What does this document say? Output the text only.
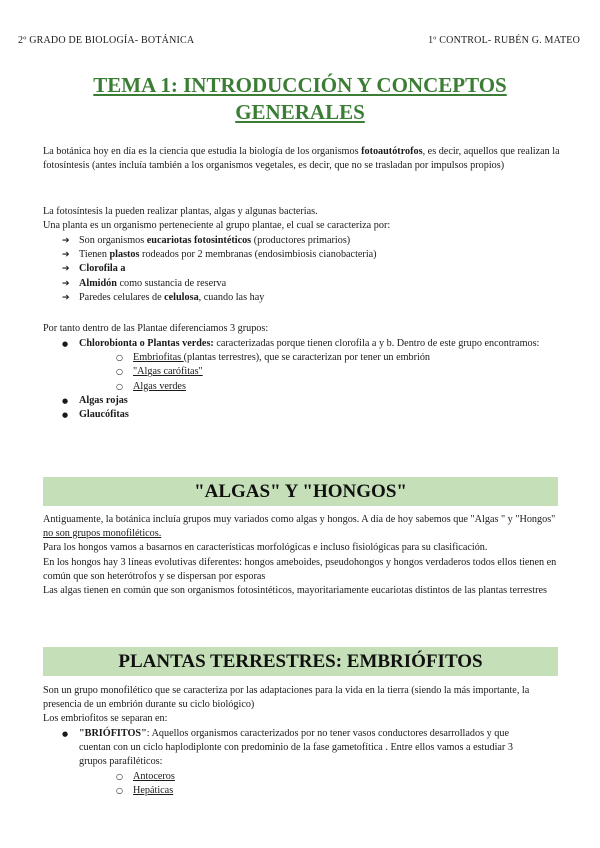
2º GRADO DE BIOLOGÍA- BOTÁNICA	1º CONTROL- RUBÉN G. MATEO
TEMA 1: INTRODUCCIÓN Y CONCEPTOS
GENERALES

La botánica hoy en día es la ciencia que estudia la biología de los organismos fotoautótrofos, es decir, aquellos que realizan la fotosíntesis (antes incluía también a los organismos vegetales, es decir, que no se trasladan por impulsos propios)

La fotosíntesis la pueden realizar plantas, algas y algunas bacterias.

Una planta es un organismo perteneciente al grupo plantae, el cual se caracteriza por:

➔ Son organismos eucariotas fotosintéticos (productores primarios)
➔ Tienen plastos rodeados por 2 membranas (endosimbiosis cianobacteria)
➔ Clorofila a
➔ Almidón como sustancia de reserva
➔ Paredes celulares de celulosa, cuando las hay
Por tanto dentro de las Plantae diferenciamos 3 grupos:
● Chlorobionta o Plantas verdes: caracterizadas porque tienen clorofila a y b. Dentro de este grupo encontramos:
○ Embriofitas (plantas terrestres), que se caracterizan por tener un embrión
○ "Algas carófitas"
○ Algas verdes
● Algas rojas
● Glaucófitas
"ALGAS" Y "HONGOS"

Antiguamente, la botánica incluía grupos muy variados como algas y hongos. A día de hoy sabemos que "Algas " y "Hongos" no son grupos monofiléticos.

Para los hongos vamos a basarnos en características morfológicas e incluso fisiológicas para su clasificación.

En los hongos hay 3 líneas evolutivas diferentes: hongos ameboides, pseudohongos y hongos verdaderos todos ellos tienen en común que son heterótrofos y se dispersan por esporas

Las algas tienen en común que son organismos fotosintéticos, mayoritariamente eucariotas distintos de las plantas terrestres

PLANTAS TERRESTRES: EMBRIÓFITOS

Son un grupo monofilético que se caracteriza por las adaptaciones para la vida en la tierra (siendo la más importante, la presencia de un embrión durante su ciclo biológico)

Los embriofitos se separan en:

● "BRIÓFITOS": Aquellos organismos caracterizados por no tener vasos conductores desarrollados y que cuentan con un ciclo haplodiplonte con predominio de la fase gametofítica . Entre ellos vamos a estudiar 3 grupos parafiléticos:
○ Antoceros
○ Hepáticas
